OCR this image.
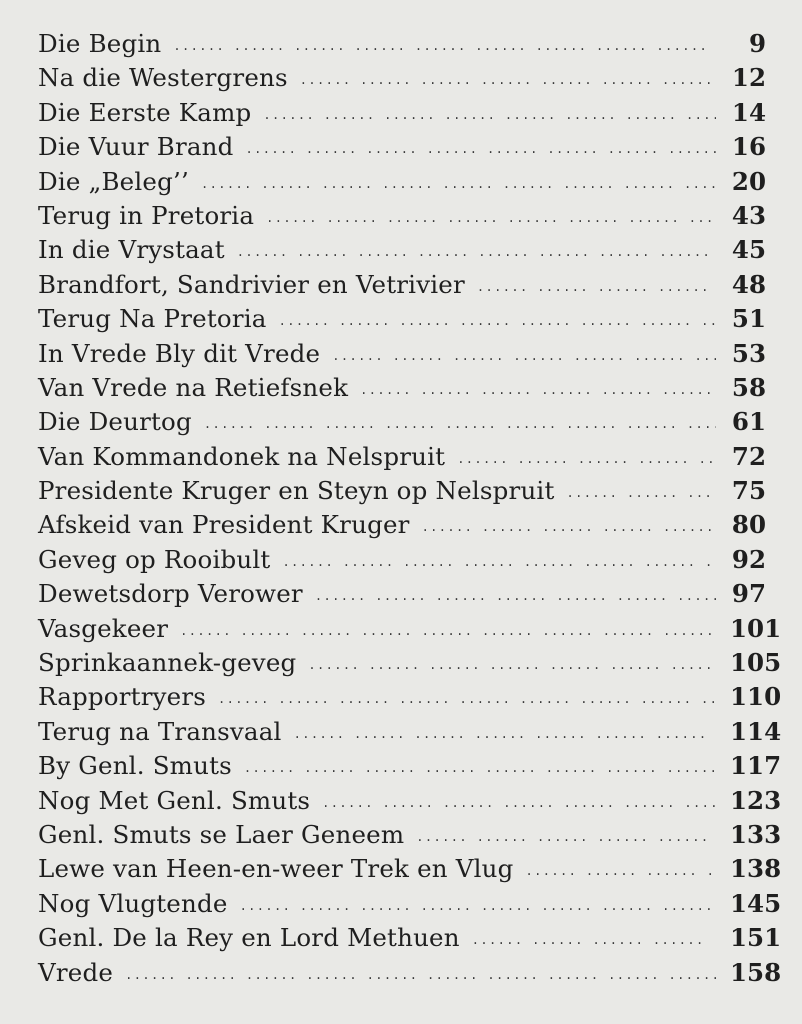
Die Begin .....	9
Na die Westergrens .....	12
Die Eerste Kamp .....	14
Die Vuur Brand .....	16
Die „Beleg’’ .....	20
Terug in Pretoria .....	43
In die Vrystaat .....	45
Brandfort, Sandrivier en Vetrivier .....	48
Terug Na Pretoria .....	51
In Vrede Bly dit Vrede .....	53
Van Vrede na Retiefsnek .....	58
Die Deurtog .....	61
Van Kommandonek na Nelspruit .....	72
Presidente Kruger en Steyn op Nelspruit .....	75
Afskeid van President Kruger .....	80
Geveg op Rooibult .....	92
Dewetsdorp Verower .....	97
Vasgekeer .....	101
Sprinkaannek-geveg .....	105
Rapportryers .....	110
Terug na Transvaal .....	114
By Genl. Smuts .....	117
Nog Met Genl. Smuts .....	123
Genl. Smuts se Laer Geneem .....	133
Lewe van Heen-en-weer Trek en Vlug .....	138
Nog Vlugtende .....	145
Genl. De la Rey en Lord Methuen .....	151
Vrede .....	158
